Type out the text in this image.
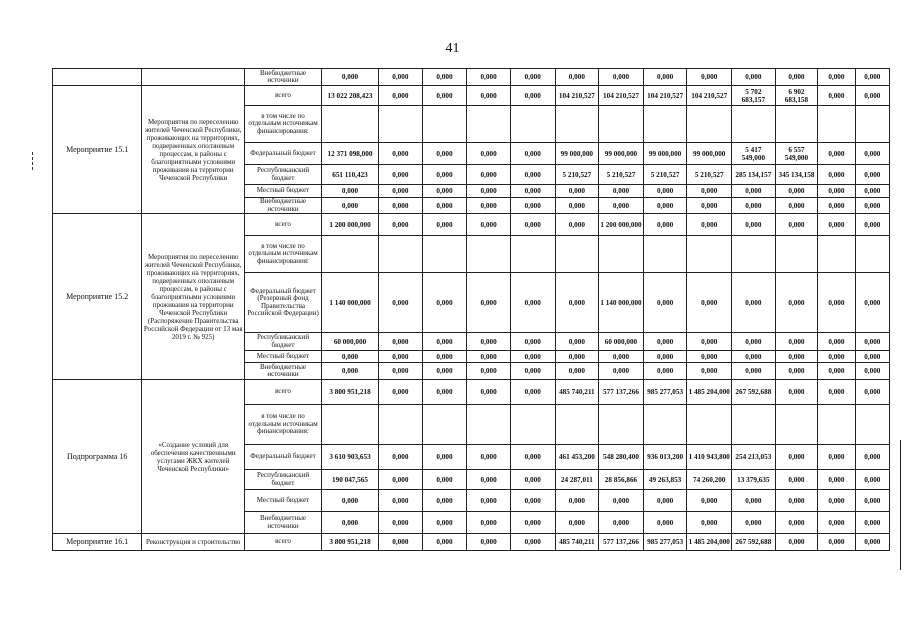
41
		Внебюджетные источники	0,000	0,000	0,000	0,000	0,000	0,000	0,000	0,000	0,000	0,000	0,000	0,000	0,000
Мероприятие 15.1	Мероприятия по переселению жителей Чеченской Республики, проживающих на территориях, подверженных оползневым процессам, в районы с благоприятными условиями проживания на территории Чеченской Республики	всего	13 022 208,423	0,000	0,000	0,000	0,000	104 210,527	104 210,527	104 210,527	104 210,527	5 702 683,157	6 902 683,158	0,000	0,000
		в том числе по отдельным источникам финансирования:													
		Федеральный бюджет	12 371 098,000	0,000	0,000	0,000	0,000	99 000,000	99 000,000	99 000,000	99 000,000	5 417 549,000	6 557 549,000	0,000	0,000
		Республиканский бюджет	651 110,423	0,000	0,000	0,000	0,000	5 210,527	5 210,527	5 210,527	5 210,527	285 134,157	345 134,158	0,000	0,000
		Местный бюджет	0,000	0,000	0,000	0,000	0,000	0,000	0,000	0,000	0,000	0,000	0,000	0,000	0,000
		Внебюджетные источники	0,000	0,000	0,000	0,000	0,000	0,000	0,000	0,000	0,000	0,000	0,000	0,000	0,000
Мероприятие 15.2	Мероприятия по переселению жителей Чеченской Республики, проживающих на территориях, подверженных оползневым процессам, в районы с благоприятными условиями проживания на территории Чеченской Республики (Распоряжение Правительства Российской Федерации от 13 мая 2019 г. № 925)	всего	1 200 000,000	0,000	0,000	0,000	0,000	0,000	1 200 000,000	0,000	0,000	0,000	0,000	0,000	0,000
		в том числе по отдельным источникам финансирования:													
		Федеральный бюджет (Резервный фонд Правительства Российской Федерации)	1 140 000,000	0,000	0,000	0,000	0,000	0,000	1 140 000,000	0,000	0,000	0,000	0,000	0,000	0,000
		Республиканский бюджет	60 000,000	0,000	0,000	0,000	0,000	0,000	60 000,000	0,000	0,000	0,000	0,000	0,000	0,000
		Местный бюджет	0,000	0,000	0,000	0,000	0,000	0,000	0,000	0,000	0,000	0,000	0,000	0,000	0,000
		Внебюджетные источники	0,000	0,000	0,000	0,000	0,000	0,000	0,000	0,000	0,000	0,000	0,000	0,000	0,000
Подпрограмма 16	«Создание условий для обеспечения качественными услугами ЖКХ жителей Чеченской Республики»	всего	3 800 951,218	0,000	0,000	0,000	0,000	485 740,211	577 137,266	985 277,053	1 485 204,000	267 592,688	0,000	0,000	0,000
		в том числе по отдельным источникам финансирования:													
		Федеральный бюджет	3 610 903,653	0,000	0,000	0,000	0,000	461 453,200	548 280,400	936 013,200	1 410 943,800	254 213,053	0,000	0,000	0,000
		Республиканский бюджет	190 047,565	0,000	0,000	0,000	0,000	24 287,011	28 856,866	49 263,853	74 260,200	13 379,635	0,000	0,000	0,000
		Местный бюджет	0,000	0,000	0,000	0,000	0,000	0,000	0,000	0,000	0,000	0,000	0,000	0,000	0,000
		Внебюджетные источники	0,000	0,000	0,000	0,000	0,000	0,000	0,000	0,000	0,000	0,000	0,000	0,000	0,000
Мероприятие 16.1	Реконструкция и строительство	всего	3 800 951,218	0,000	0,000	0,000	0,000	485 740,211	577 137,266	985 277,053	1 485 204,000	267 592,688	0,000	0,000	0,000
